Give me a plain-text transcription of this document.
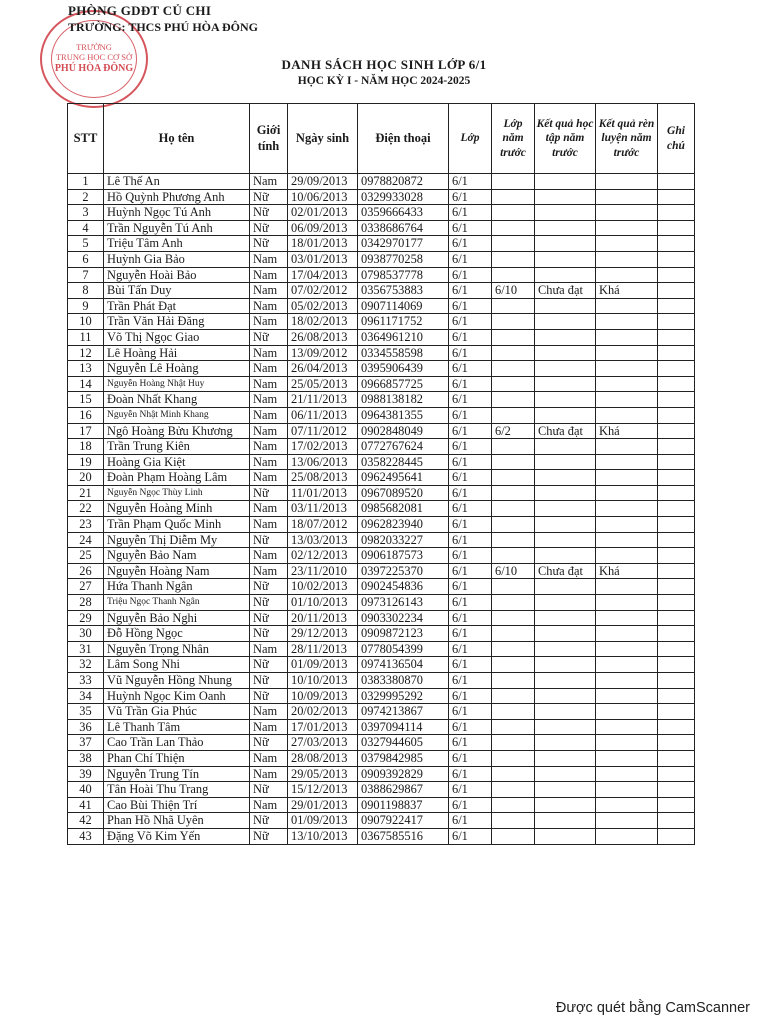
TRƯỜNG
TRUNG HỌC CƠ SỞ
PHÚ HÒA ĐÔNG
PHÒNG GDĐT CỦ CHI
TRƯỜNG: THCS PHÚ HÒA ĐÔNG
DANH SÁCH HỌC SINH LỚP 6/1
HỌC KỲ I - NĂM HỌC 2024-2025
STT	Họ tên	Giới tính	Ngày sinh	Điện thoại	Lớp	Lớp năm trước	Kết quả học tập năm trước	Kết quả rèn luyện năm trước	Ghi chú
1	Lê Thế An	Nam	29/09/2013	0978820872	6/1				
2	Hồ Quỳnh Phương Anh	Nữ	10/06/2013	0329933028	6/1				
3	Huỳnh Ngọc Tú Anh	Nữ	02/01/2013	0359666433	6/1				
4	Trần Nguyễn Tú Anh	Nữ	06/09/2013	0338686764	6/1				
5	Triệu Tâm Anh	Nữ	18/01/2013	0342970177	6/1				
6	Huỳnh Gia Bảo	Nam	03/01/2013	0938770258	6/1				
7	Nguyễn Hoài Bảo	Nam	17/04/2013	0798537778	6/1				
8	Bùi Tấn Duy	Nam	07/02/2012	0356753883	6/1	6/10	Chưa đạt	Khá	
9	Trần Phát Đạt	Nam	05/02/2013	0907114069	6/1				
10	Trần Văn Hải Đăng	Nam	18/02/2013	0961171752	6/1				
11	Võ Thị Ngọc Giao	Nữ	26/08/2013	0364961210	6/1				
12	Lê Hoàng Hải	Nam	13/09/2012	0334558598	6/1				
13	Nguyễn Lê Hoàng	Nam	26/04/2013	0395906439	6/1				
14	Nguyễn Hoàng Nhật Huy	Nam	25/05/2013	0966857725	6/1				
15	Đoàn Nhất Khang	Nam	21/11/2013	0988138182	6/1				
16	Nguyễn Nhật Minh Khang	Nam	06/11/2013	0964381355	6/1				
17	Ngô Hoàng Bửu Khương	Nam	07/11/2012	0902848049	6/1	6/2	Chưa đạt	Khá	
18	Trần Trung Kiên	Nam	17/02/2013	0772767624	6/1				
19	Hoàng Gia Kiệt	Nam	13/06/2013	0358228445	6/1				
20	Đoàn Phạm Hoàng Lâm	Nam	25/08/2013	0962495641	6/1				
21	Nguyễn Ngọc Thùy Linh	Nữ	11/01/2013	0967089520	6/1				
22	Nguyễn Hoàng Minh	Nam	03/11/2013	0985682081	6/1				
23	Trần Phạm Quốc Minh	Nam	18/07/2012	0962823940	6/1				
24	Nguyễn Thị Diễm My	Nữ	13/03/2013	0982033227	6/1				
25	Nguyễn Bảo Nam	Nam	02/12/2013	0906187573	6/1				
26	Nguyễn Hoàng Nam	Nam	23/11/2010	0397225370	6/1	6/10	Chưa đạt	Khá	
27	Hứa Thanh Ngân	Nữ	10/02/2013	0902454836	6/1				
28	Triệu Ngọc Thanh Ngân	Nữ	01/10/2013	0973126143	6/1				
29	Nguyễn Bảo Nghi	Nữ	20/11/2013	0903302234	6/1				
30	Đỗ Hồng Ngọc	Nữ	29/12/2013	0909872123	6/1				
31	Nguyễn Trọng Nhân	Nam	28/11/2013	0778054399	6/1				
32	Lâm Song Nhi	Nữ	01/09/2013	0974136504	6/1				
33	Vũ Nguyễn Hồng Nhung	Nữ	10/10/2013	0383380870	6/1				
34	Huỳnh Ngọc Kim Oanh	Nữ	10/09/2013	0329995292	6/1				
35	Vũ Trần Gia Phúc	Nam	20/02/2013	0974213867	6/1				
36	Lê Thanh Tâm	Nam	17/01/2013	0397094114	6/1				
37	Cao Trần Lan Thảo	Nữ	27/03/2013	0327944605	6/1				
38	Phan Chí Thiện	Nam	28/08/2013	0379842985	6/1				
39	Nguyễn Trung Tín	Nam	29/05/2013	0909392829	6/1				
40	Tân Hoài Thu Trang	Nữ	15/12/2013	0388629867	6/1				
41	Cao Bùi Thiện Trí	Nam	29/01/2013	0901198837	6/1				
42	Phan Hồ Nhã Uyên	Nữ	01/09/2013	0907922417	6/1				
43	Đặng Võ Kim Yến	Nữ	13/10/2013	0367585516	6/1				
Được quét bằng CamScanner
